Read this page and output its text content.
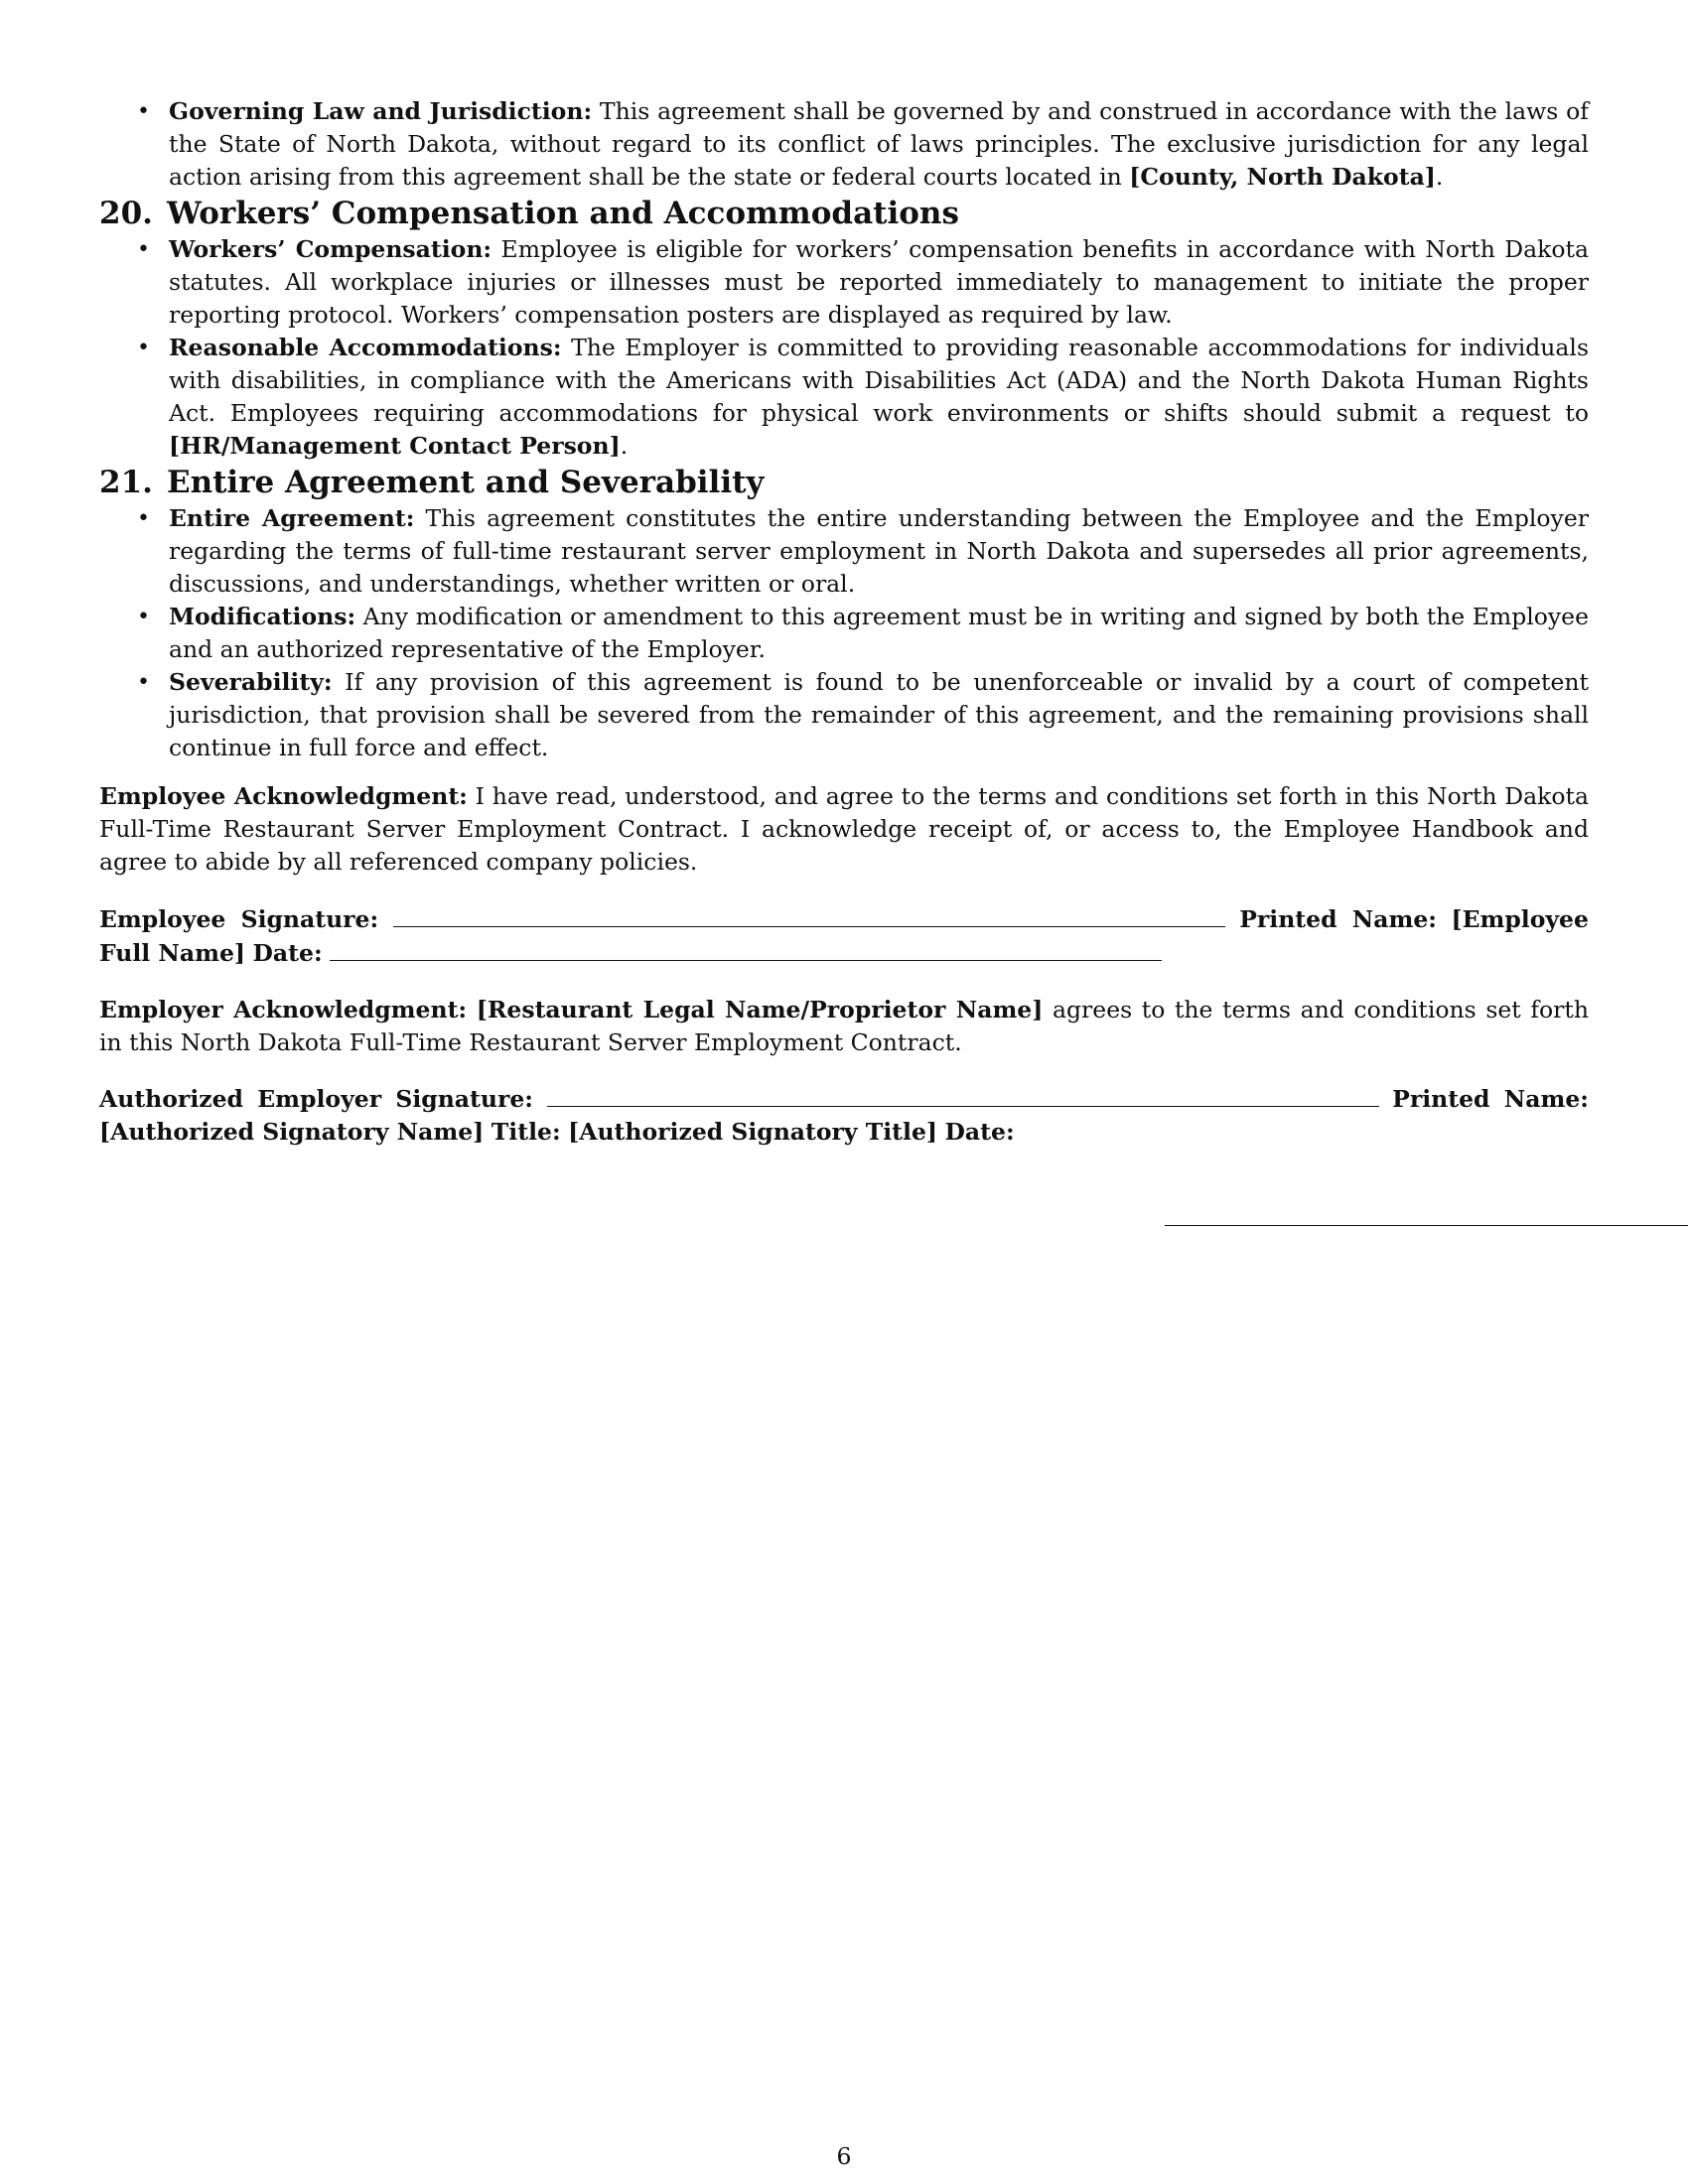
• Governing Law and Jurisdiction: This agreement shall be governed by and construed in accordance with the laws of the State of North Dakota, without regard to its conflict of laws principles. The exclusive jurisdiction for any legal action arising from this agreement shall be the state or federal courts located in [County, North Dakota].
20. Workers’ Compensation and Accommodations
• Workers’ Compensation: Employee is eligible for workers’ compensation benefits in accordance with North Dakota statutes. All workplace injuries or illnesses must be reported immediately to management to initiate the proper reporting protocol. Workers’ compensation posters are displayed as required by law.
• Reasonable Accommodations: The Employer is committed to providing reasonable accommodations for individuals with disabilities, in compliance with the Americans with Disabilities Act (ADA) and the North Dakota Human Rights Act. Employees requiring accommodations for physical work environments or shifts should submit a request to [HR/Management Contact Person].
21. Entire Agreement and Severability
• Entire Agreement: This agreement constitutes the entire understanding between the Employee and the Employer regarding the terms of full-time restaurant server employment in North Dakota and supersedes all prior agreements, discussions, and understandings, whether written or oral.
• Modifications: Any modification or amendment to this agreement must be in writing and signed by both the Employee and an authorized representative of the Employer.
• Severability: If any provision of this agreement is found to be unenforceable or invalid by a court of competent jurisdiction, that provision shall be severed from the remainder of this agreement, and the remaining provisions shall continue in full force and effect.

Employee Acknowledgment: I have read, understood, and agree to the terms and conditions set forth in this North Dakota Full-Time Restaurant Server Employment Contract. I acknowledge receipt of, or access to, the Employee Handbook and agree to abide by all referenced company policies.

Employee Signature:	Printed Name: [Employee Full Name] Date:

Employer Acknowledgment: [Restaurant Legal Name/Proprietor Name] agrees to the terms and conditions set forth in this North Dakota Full-Time Restaurant Server Employment Contract.

Authorized Employer Signature:	Printed Name: [Authorized Signatory Name] Title: [Authorized Signatory Title] Date:
6
